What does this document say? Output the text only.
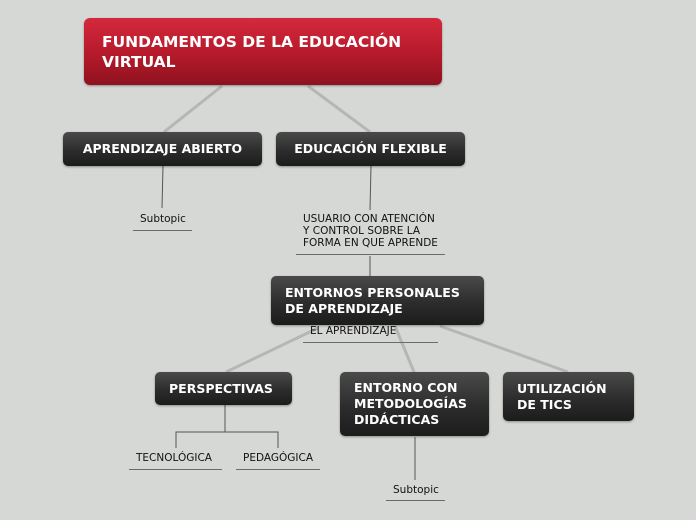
FUNDAMENTOS DE LA EDUCACIÓN VIRTUAL
APRENDIZAJE ABIERTO	EDUCACIÓN FLEXIBLE
Subtopic	USUARIO CON ATENCIÓN
Y CONTROL SOBRE LA
FORMA EN QUE APRENDE
ENTORNOS PERSONALES DE APRENDIZAJE
EL APRENDIZAJE
PERSPECTIVAS	ENTORNO CON METODOLOGÍAS DIDÁCTICAS
UTILIZACIÓN DE TICS
TECNOLÓGICA	PEDAGÓGICA
Subtopic
